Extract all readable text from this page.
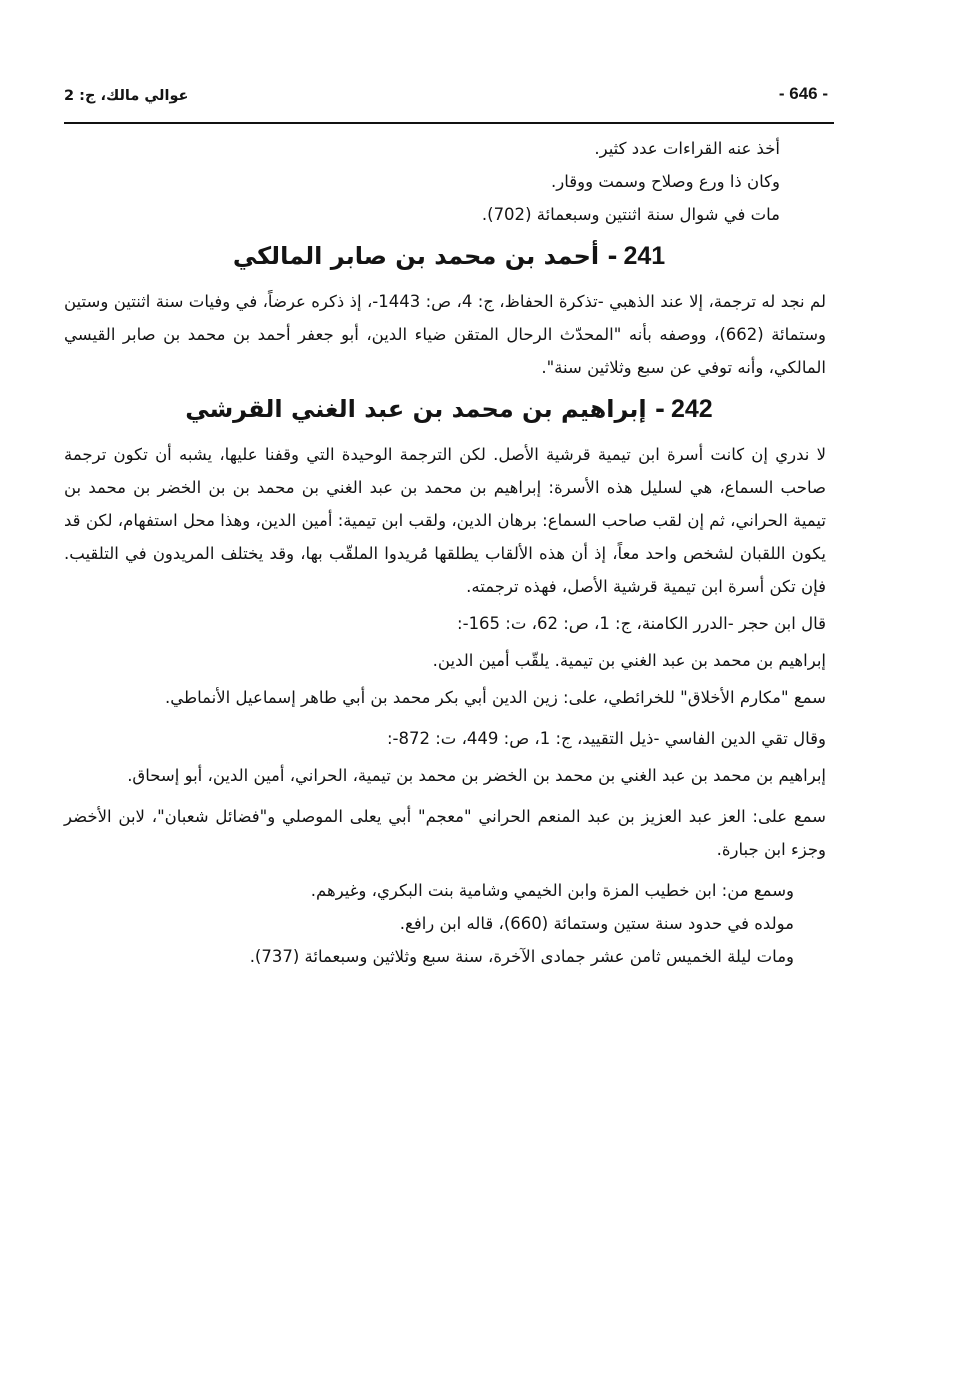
- 646 -
عوالي مالك، ج: 2

أخذ عنه القراءات عدد كثير.

وكان ذا ورع وصلاح وسمت ووقار.

مات في شوال سنة اثنتين وسبعمائة (702).

241- أحمد بن محمد بن صابر المالكي

لم نجد له ترجمة، إلا عند الذهبي -تذكرة الحفاظ، ج: 4، ص: 1443-، إذ ذكره عرضاً، في وفيات سنة اثنتين وستين وستمائة (662)، ووصفه بأنه "المحدّث الرحال المتقن ضياء الدين، أبو جعفر أحمد بن محمد بن صابر القيسي المالكي، وأنه توفي عن سبع وثلاثين سنة".

242- إبراهيم بن محمد بن عبد الغني القرشي

لا ندري إن كانت أسرة ابن تيمية قرشية الأصل. لكن الترجمة الوحيدة التي وقفنا عليها، يشبه أن تكون ترجمة صاحب السماع، هي لسليل هذه الأسرة: إبراهيم بن محمد بن عبد الغني بن محمد بن بن الخضر بن محمد بن تيمية الحراني، ثم إن لقب صاحب السماع: برهان الدين، ولقب ابن تيمية: أمين الدين، وهذا محل استفهام، لكن قد يكون اللقبان لشخص واحد معاً، إذ أن هذه الألقاب يطلقها مُريدوا الملقّب بها، وقد يختلف المريدون في التلقيب. فإن تكن أسرة ابن تيمية قرشية الأصل، فهذه ترجمته.

قال ابن حجر -الدرر الكامنة، ج: 1، ص: 62، ت: 165-:

إبراهيم بن محمد بن عبد الغني بن تيمية. يلقّب أمين الدين.

سمع "مكارم الأخلاق" للخرائطي، على: زين الدين أبي بكر محمد بن أبي طاهر إسماعيل الأنماطي.

وقال تقي الدين الفاسي -ذيل التقييد، ج: 1، ص: 449، ت: 872-:

إبراهيم بن محمد بن عبد الغني بن محمد بن الخضر بن محمد بن تيمية، الحراني، أمين الدين، أبو إسحاق.

سمع على: العز عبد العزيز بن عبد المنعم الحراني "معجم" أبي يعلى الموصلي و"فضائل شعبان"، لابن الأخضر وجزء ابن جبارة.

وسمع من: ابن خطيب المزة وابن الخيمي وشامية بنت البكري، وغيرهم.

مولده في حدود سنة ستين وستمائة (660)، قاله ابن رافع.

ومات ليلة الخميس ثامن عشر جمادى الآخرة، سنة سبع وثلاثين وسبعمائة (737).
